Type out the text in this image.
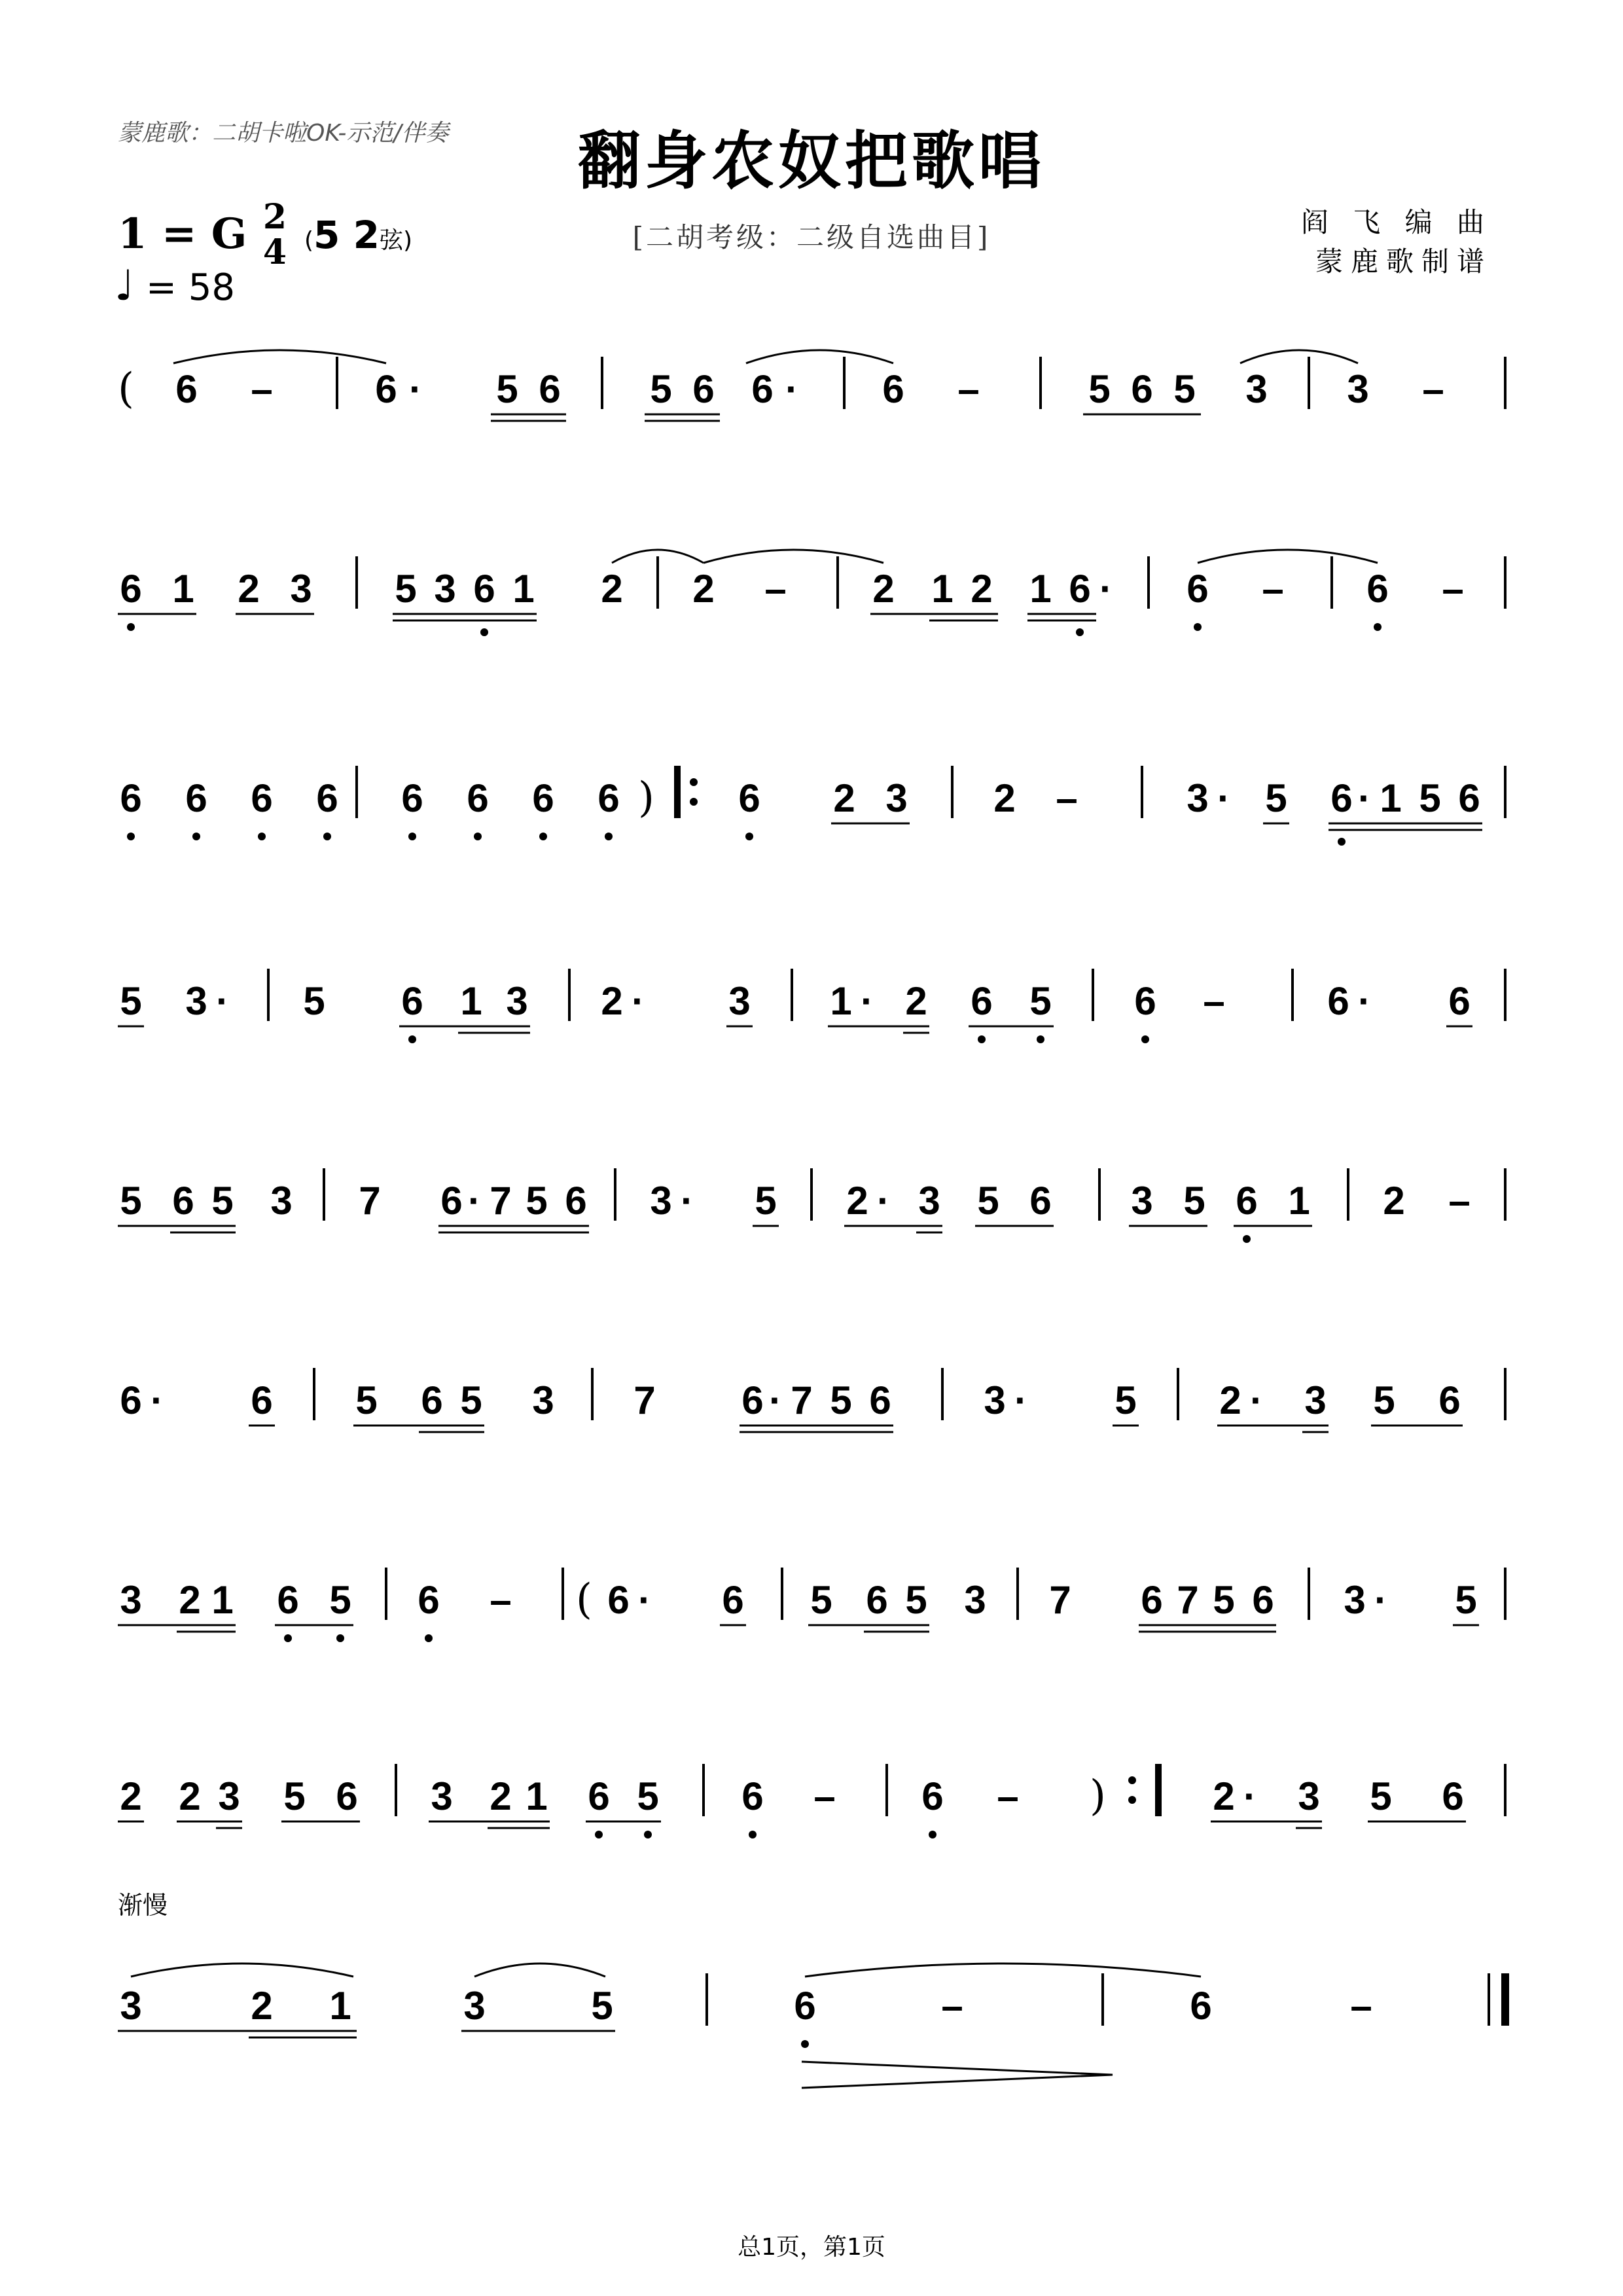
蒙鹿歌：二胡卡啦OK-示范/伴奏	翻身农奴把歌唱
[二胡考级：二级自选曲目]	阎 飞 编 曲
蒙鹿歌制谱
1 = G 2
4 (5 2弦)
♩ = 58
渐慢
( 6 –	6 · 5 6 5 6 6 · 6 –	5 6 5 3 3 –
6 1 2 3 5 3 6 1 2 2 – 2 1 2 1 6 · 6 – 6 –
6 6 6 6 6 6 6 6 ) 6 2 3 2 –	3 · 5 6 · 1 5 6
5 3 · 5 6 1 3 2 · 3 1 · 2 6 5 6 –	6 · 6
5 6 5 3 7 6 · 7 5 6 3 · 5 2 · 3 5 6 3 5 6 1 2 –
6 · 6 5 6 5 3 7 6 · 7 5 6 3 · 5 2 · 3 5 6
3 2 1 6 5 6 – ( 6 · 6 5 6 5 3 7 6 7 5 6 3 · 5
2 2 3 5 6 3 2 1 6 5 6 – 6 – )	2 · 3 5 6
3	2 1	3	5	6	–	6	–
总1页，第1页
